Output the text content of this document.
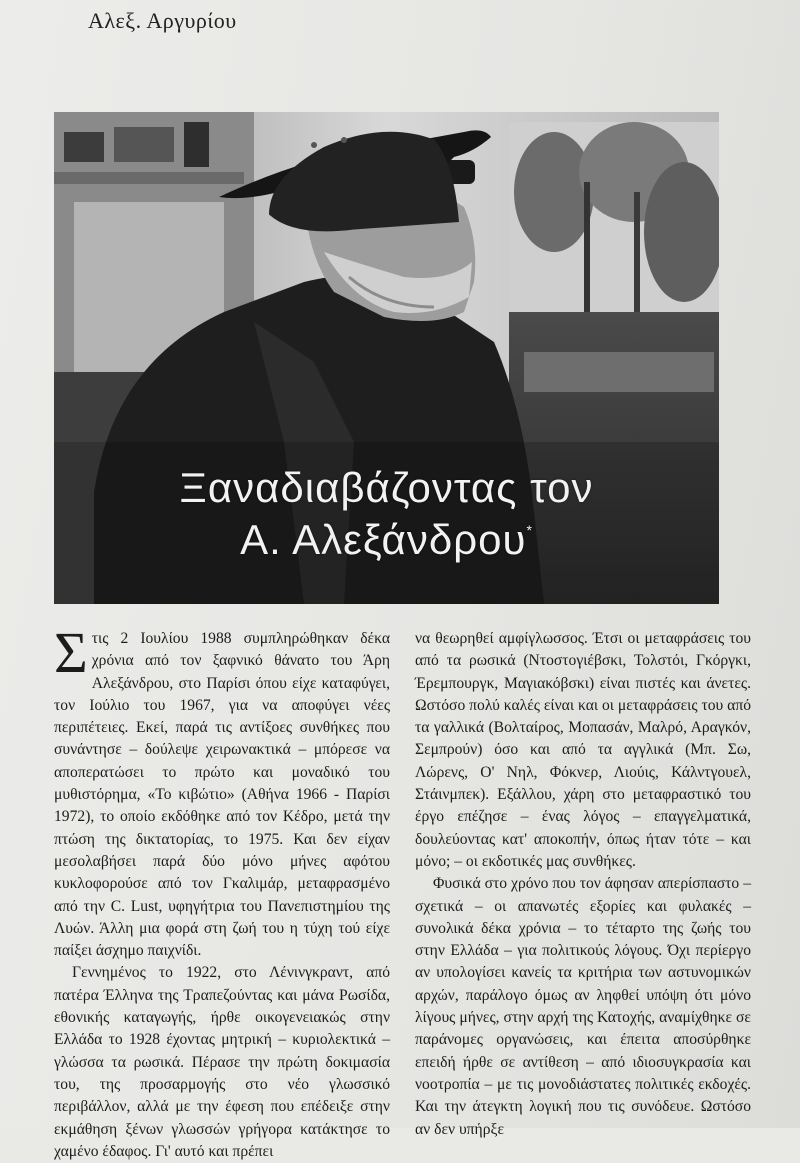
Αλεξ. Αργυρίου
Ξαναδιαβάζοντας τον
Α. Αλεξάνδρου*

Στις 2 Ιουλίου 1988 συμπληρώθηκαν δέκα χρόνια από τον ξαφνικό θάνατο του Άρη Αλεξάνδρου, στο Παρίσι όπου είχε καταφύγει, τον Ιούλιο του 1967, για να αποφύγει νέες περιπέτειες. Εκεί, παρά τις αντίξοες συνθήκες που συνάντησε – δούλεψε χειρωνακτικά – μπόρεσε να αποπερατώσει το πρώτο και μοναδικό του μυθιστόρημα, «Το κιβώτιο» (Αθήνα 1966 - Παρίσι 1972), το οποίο εκδόθηκε από τον Κέδρο, μετά την πτώση της δικτατορίας, το 1975. Και δεν είχαν μεσολαβήσει παρά δύο μόνο μήνες αφότου κυκλοφορούσε από τον Γκαλιμάρ, μεταφρασμένο από την C. Lust, υφηγήτρια του Πανεπιστημίου της Λυών. Άλλη μια φορά στη ζωή του η τύχη τού είχε παίξει άσχημο παιχνίδι.

Γεννημένος το 1922, στο Λένινγκραντ, από πατέρα Έλληνα της Τραπεζούντας και μάνα Ρωσίδα, εθονικής καταγωγής, ήρθε οικογενειακώς στην Ελλάδα το 1928 έχοντας μητρική – κυριολεκτικά – γλώσσα τα ρωσικά. Πέρασε την πρώτη δοκιμασία του, της προσαρμογής στο νέο γλωσσικό περιβάλλον, αλλά με την έφεση που επέδειξε στην εκμάθηση ξένων γλωσσών γρήγορα κατάκτησε το χαμένο έδαφος. Γι' αυτό και πρέπει

να θεωρηθεί αμφίγλωσσος. Έτσι οι μεταφράσεις του από τα ρωσικά (Ντοστογιέβσκι, Τολστόι, Γκόργκι, Έρεμπουργκ, Μαγιακόβσκι) είναι πιστές και άνετες. Ωστόσο πολύ καλές είναι και οι μεταφράσεις του από τα γαλλικά (Βολταίρος, Μοπασάν, Μαλρό, Αραγκόν, Σεμπρούν) όσο και από τα αγγλικά (Μπ. Σω, Λώρενς, Ο' Νηλ, Φόκνερ, Λιούις, Κάλντγουελ, Στάινμπεκ). Εξάλλου, χάρη στο μεταφραστικό του έργο επέζησε – ένας λόγος – επαγγελματικά, δουλεύοντας κατ' αποκοπήν, όπως ήταν τότε – και μόνο; – οι εκδοτικές μας συνθήκες.

Φυσικά στο χρόνο που τον άφησαν απερίσπαστο – σχετικά – οι απανωτές εξορίες και φυλακές – συνολικά δέκα χρόνια – το τέταρτο της ζωής του στην Ελλάδα – για πολιτικούς λόγους. Όχι περίεργο αν υπολογίσει κανείς τα κριτήρια των αστυνομικών αρχών, παράλογο όμως αν ληφθεί υπόψη ότι μόνο λίγους μήνες, στην αρχή της Κατοχής, αναμίχθηκε σε παράνομες οργανώσεις, και έπειτα αποσύρθηκε επειδή ήρθε σε αντίθεση – από ιδιοσυγκρασία και νοοτροπία – με τις μονοδιάστατες πολιτικές εκδοχές. Και την άτεγκτη λογική που τις συνόδευε. Ωστόσο αν δεν υπήρξε
